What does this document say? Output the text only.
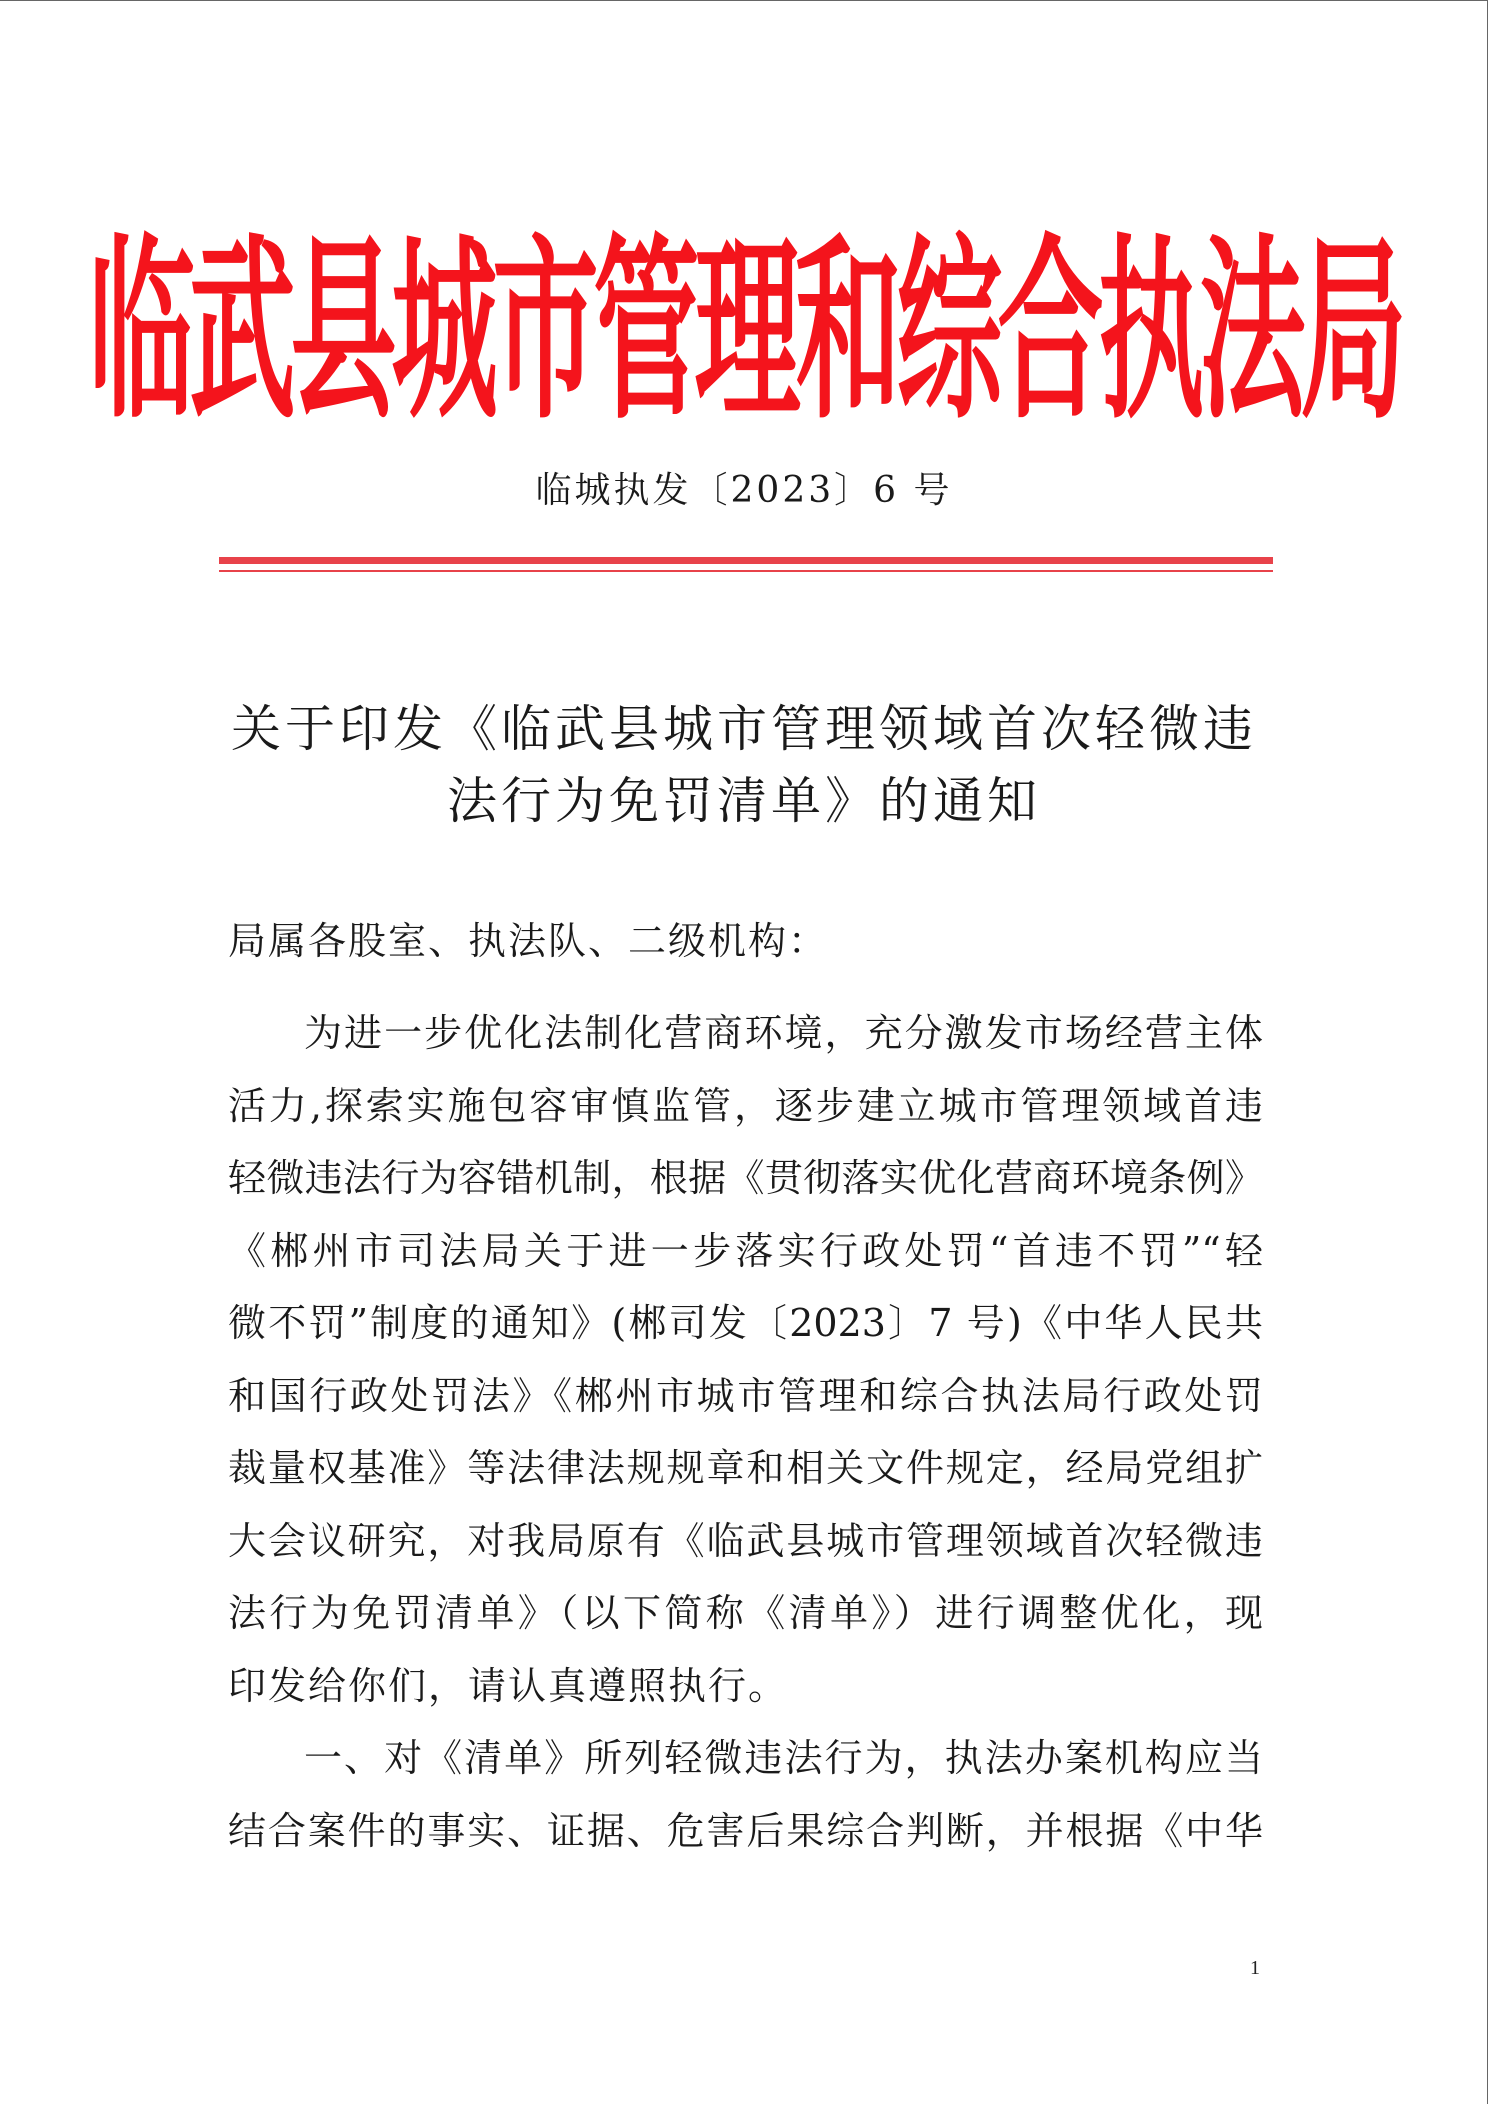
临武县城市管理和综合执法局
临城执发〔2023〕6 号
关于印发《临武县城市管理领域首次轻微违
法行为免罚清单》的通知
局属各股室、执法队、二级机构：
为进一步优化法制化营商环境，充分激发市场经营主体
活力,探索实施包容审慎监管，逐步建立城市管理领域首违
轻微违法行为容错机制，根据《贯彻落实优化营商环境条例》
《郴州市司法局关于进一步落实行政处罚“首违不罚”“轻
微不罚”制度的通知》(郴司发〔2023〕7 号)《中华人民共
和国行政处罚法》《郴州市城市管理和综合执法局行政处罚
裁量权基准》等法律法规规章和相关文件规定，经局党组扩
大会议研究，对我局原有《临武县城市管理领域首次轻微违
法行为免罚清单》（以下简称《清单》）进行调整优化，现
印发给你们，请认真遵照执行。
一、对《清单》所列轻微违法行为，执法办案机构应当
结合案件的事实、证据、危害后果综合判断，并根据《中华
1
